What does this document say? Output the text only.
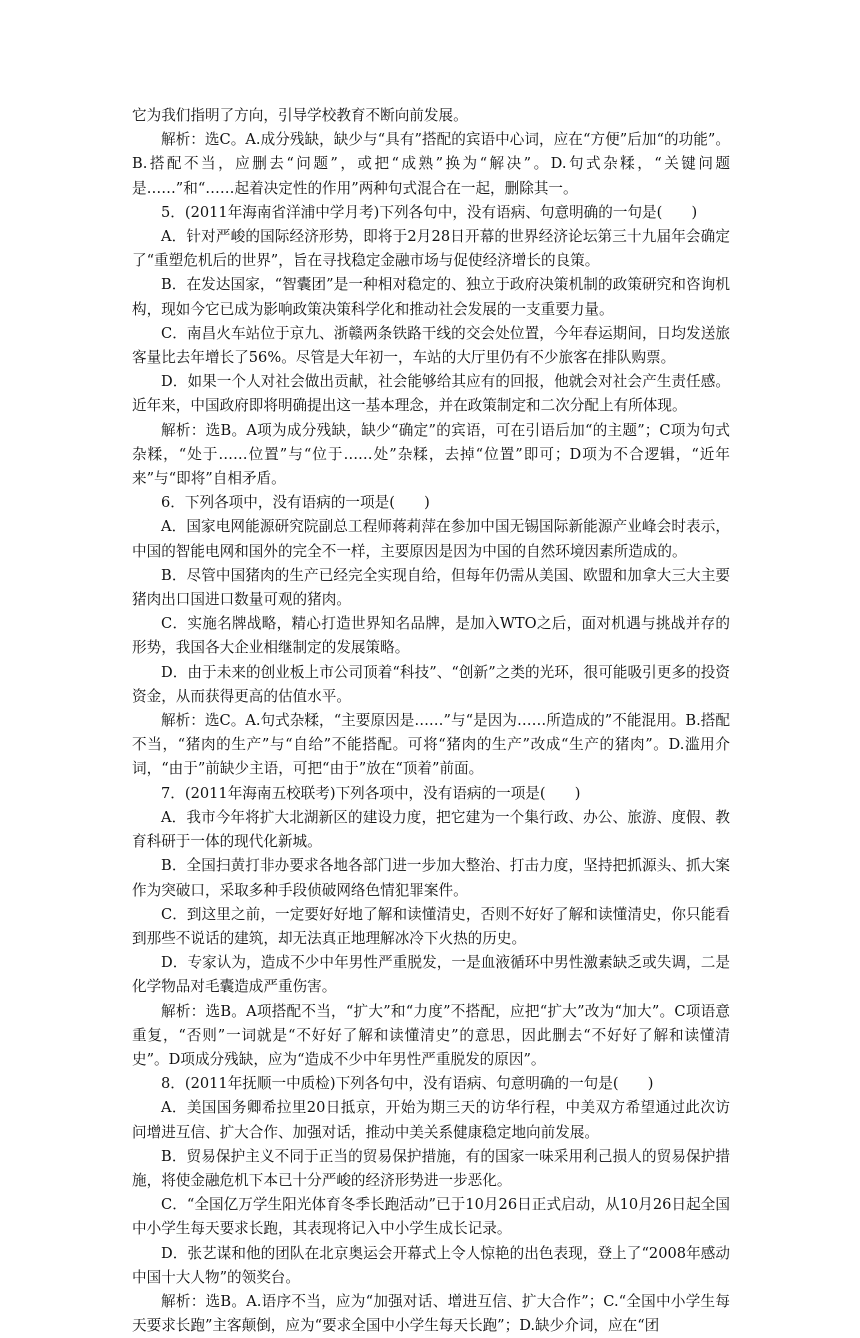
它为我们指明了方向，引导学校教育不断向前发展。

解析：选C。A.成分残缺，缺少与“具有”搭配的宾语中心词，应在“方便”后加“的功能”。B.搭配不当，应删去“问题”，或把“成熟”换为“解决”。D.句式杂糅，“关键问题是……”和“……起着决定性的作用”两种句式混合在一起，删除其一。

5．(2011年海南省洋浦中学月考)下列各句中，没有语病、句意明确的一句是(　　)

A．针对严峻的国际经济形势，即将于2月28日开幕的世界经济论坛第三十九届年会确定了“重塑危机后的世界”，旨在寻找稳定金融市场与促使经济增长的良策。

B．在发达国家，“智囊团”是一种相对稳定的、独立于政府决策机制的政策研究和咨询机构，现如今它已成为影响政策决策科学化和推动社会发展的一支重要力量。

C．南昌火车站位于京九、浙赣两条铁路干线的交会处位置，今年春运期间，日均发送旅客量比去年增长了56%。尽管是大年初一，车站的大厅里仍有不少旅客在排队购票。

D．如果一个人对社会做出贡献，社会能够给其应有的回报，他就会对社会产生责任感。近年来，中国政府即将明确提出这一基本理念，并在政策制定和二次分配上有所体现。

解析：选B。A项为成分残缺，缺少“确定”的宾语，可在引语后加“的主题”；C项为句式杂糅，“处于……位置”与“位于……处”杂糅，去掉“位置”即可；D项为不合逻辑，“近年来”与“即将”自相矛盾。

6．下列各项中，没有语病的一项是(　　)

A．国家电网能源研究院副总工程师蒋莉萍在参加中国无锡国际新能源产业峰会时表示，中国的智能电网和国外的完全不一样，主要原因是因为中国的自然环境因素所造成的。

B．尽管中国猪肉的生产已经完全实现自给，但每年仍需从美国、欧盟和加拿大三大主要猪肉出口国进口数量可观的猪肉。

C．实施名牌战略，精心打造世界知名品牌，是加入WTO之后，面对机遇与挑战并存的形势，我国各大企业相继制定的发展策略。

D．由于未来的创业板上市公司顶着“科技”、“创新”之类的光环，很可能吸引更多的投资资金，从而获得更高的估值水平。

解析：选C。A.句式杂糅，“主要原因是……”与“是因为……所造成的”不能混用。B.搭配不当，“猪肉的生产”与“自给”不能搭配。可将“猪肉的生产”改成“生产的猪肉”。D.滥用介词，“由于”前缺少主语，可把“由于”放在“顶着”前面。

7．(2011年海南五校联考)下列各项中，没有语病的一项是(　　)

A．我市今年将扩大北湖新区的建设力度，把它建为一个集行政、办公、旅游、度假、教育科研于一体的现代化新城。

B．全国扫黄打非办要求各地各部门进一步加大整治、打击力度，坚持把抓源头、抓大案作为突破口，采取多种手段侦破网络色情犯罪案件。

C．到这里之前，一定要好好地了解和读懂清史，否则不好好了解和读懂清史，你只能看到那些不说话的建筑，却无法真正地理解冰冷下火热的历史。

D．专家认为，造成不少中年男性严重脱发，一是血液循环中男性激素缺乏或失调，二是化学物品对毛囊造成严重伤害。

解析：选B。A项搭配不当，“扩大”和“力度”不搭配，应把“扩大”改为“加大”。C项语意重复，“否则”一词就是“不好好了解和读懂清史”的意思，因此删去“不好好了解和读懂清史”。D项成分残缺，应为“造成不少中年男性严重脱发的原因”。

8．(2011年抚顺一中质检)下列各句中，没有语病、句意明确的一句是(　　)

A．美国国务卿希拉里20日抵京，开始为期三天的访华行程，中美双方希望通过此次访问增进互信、扩大合作、加强对话，推动中美关系健康稳定地向前发展。

B．贸易保护主义不同于正当的贸易保护措施，有的国家一味采用利己损人的贸易保护措施，将使金融危机下本已十分严峻的经济形势进一步恶化。

C．“全国亿万学生阳光体育冬季长跑活动”已于10月26日正式启动，从10月26日起全国中小学生每天要求长跑，其表现将记入中小学生成长记录。

D．张艺谋和他的团队在北京奥运会开幕式上令人惊艳的出色表现，登上了“2008年感动中国十大人物”的领奖台。

解析：选B。A.语序不当，应为“加强对话、增进互信、扩大合作”；C.“全国中小学生每天要求长跑”主客颠倒，应为“要求全国中小学生每天长跑”；D.缺少介词，应在“团
